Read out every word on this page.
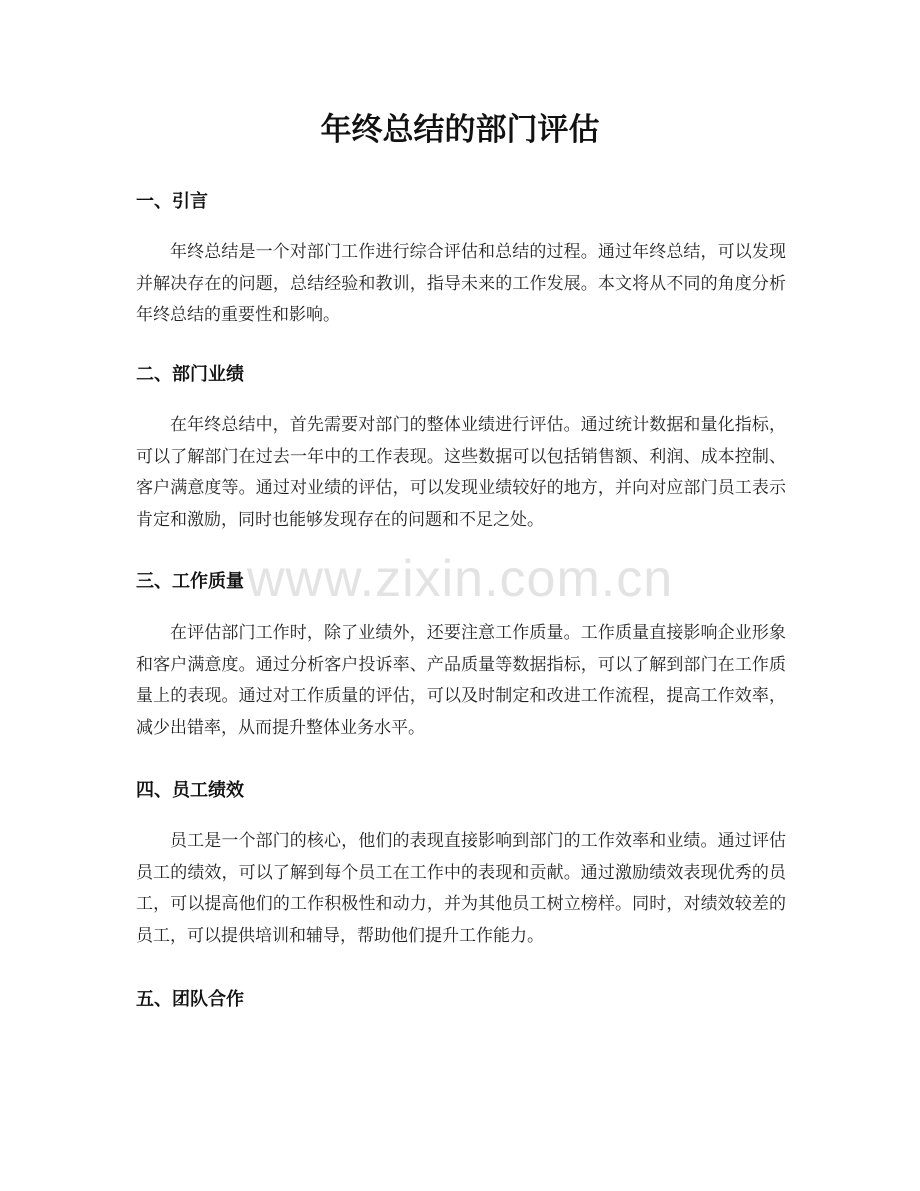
年终总结的部门评估
一、引言

年终总结是一个对部门工作进行综合评估和总结的过程。通过年终总结，可以发现并解决存在的问题，总结经验和教训，指导未来的工作发展。本文将从不同的角度分析年终总结的重要性和影响。

二、部门业绩

在年终总结中，首先需要对部门的整体业绩进行评估。通过统计数据和量化指标，可以了解部门在过去一年中的工作表现。这些数据可以包括销售额、利润、成本控制、客户满意度等。通过对业绩的评估，可以发现业绩较好的地方，并向对应部门员工表示肯定和激励，同时也能够发现存在的问题和不足之处。

三、工作质量

在评估部门工作时，除了业绩外，还要注意工作质量。工作质量直接影响企业形象和客户满意度。通过分析客户投诉率、产品质量等数据指标，可以了解到部门在工作质量上的表现。通过对工作质量的评估，可以及时制定和改进工作流程，提高工作效率，减少出错率，从而提升整体业务水平。

四、员工绩效

员工是一个部门的核心，他们的表现直接影响到部门的工作效率和业绩。通过评估员工的绩效，可以了解到每个员工在工作中的表现和贡献。通过激励绩效表现优秀的员工，可以提高他们的工作积极性和动力，并为其他员工树立榜样。同时，对绩效较差的员工，可以提供培训和辅导，帮助他们提升工作能力。

五、团队合作
www.zixin.com.cn
